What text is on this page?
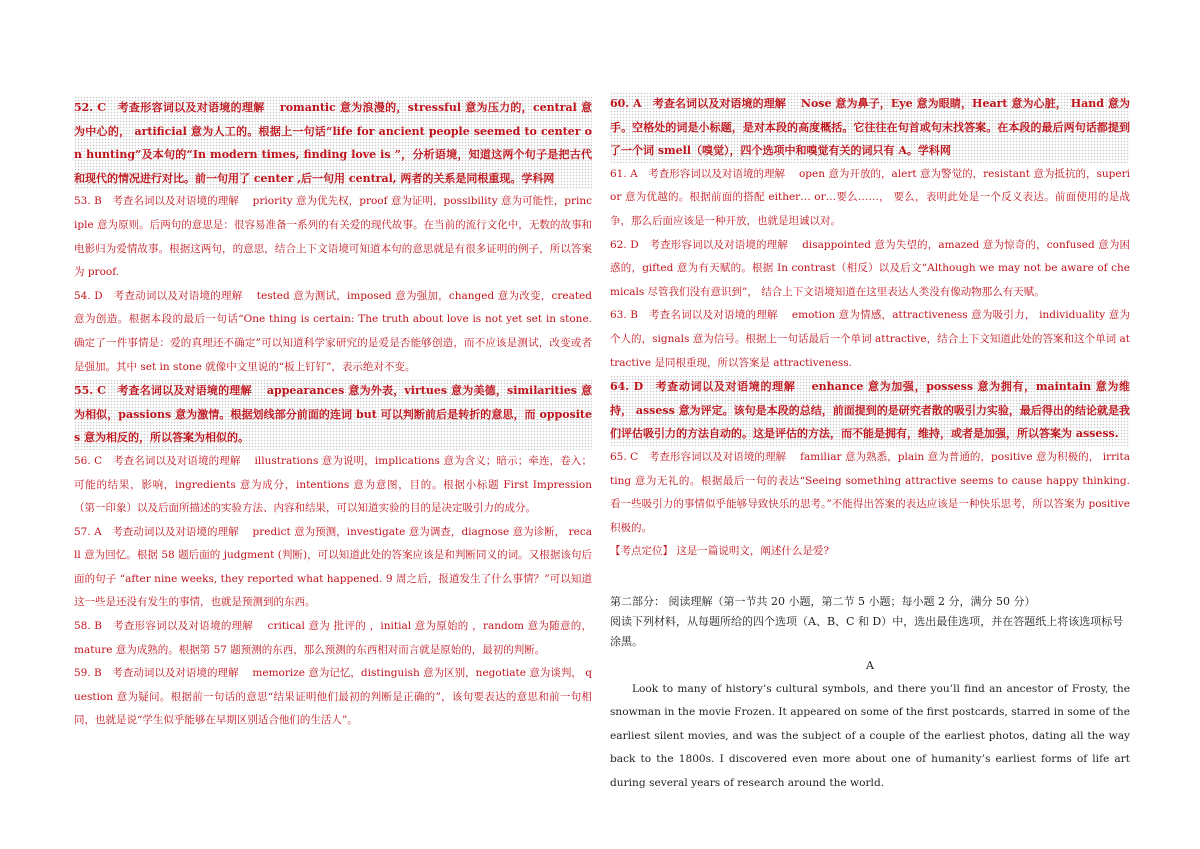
52. C　考查形容词以及对语境的理解　 romantic 意为浪漫的，stressful 意为压力的，central 意为中心的， artificial 意为人工的。根据上一句话“life for ancient people seemed to center on hunting”及本句的“In modern times, finding love is ”，分析语境，知道这两个句子是把古代和现代的情况进行对比。前一句用了 center ,后一句用 central, 两者的关系是同根重现。学科网

53. B　考查名词以及对语境的理解　 priority 意为优先权，proof 意为证明，possibility 意为可能性，principle 意为原则。后两句的意思是：很容易准备一系列的有关爱的现代故事。在当前的流行文化中，无数的故事和电影归为爱情故事。根据这两句，的意思，结合上下文语境可知道本句的意思就是有很多证明的例子，所以答案为 proof.

54. D　考查动词以及对语境的理解　 tested 意为测试，imposed 意为强加，changed 意为改变，created 意为创造。根据本段的最后一句话“One thing is certain: The truth about love is not yet set in stone. 确定了一件事情是：爱的真理还不确定”可以知道科学家研究的是爱是否能够创造，而不应该是测试，改变或者是强加。其中 set in stone 就像中文里说的“板上钉钉”，表示绝对不变。

55. C　考查名词以及对语境的理解　 appearances 意为外表，virtues 意为美德，similarities 意为相似，passions 意为激情。根据划线部分前面的连词 but 可以判断前后是转折的意思，而 opposites 意为相反的，所以答案为相似的。

56. C　考查名词以及对语境的理解　 illustrations 意为说明，implications 意为含义；暗示；牵连，卷入；可能的结果，影响，ingredients 意为成分，intentions 意为意图，目的。根据小标题 First Impression （第一印象）以及后面所描述的实验方法、内容和结果，可以知道实验的目的是决定吸引力的成分。

57. A　考查动词以及对语境的理解　 predict 意为预测，investigate 意为调查，diagnose 意为诊断， recall 意为回忆。根据 58 题后面的 judgment (判断)，可以知道此处的答案应该是和判断同义的词。又根据该句后面的句子 “after nine weeks, they reported what happened. 9 周之后，报道发生了什么事情？”可以知道这一些是还没有发生的事情，也就是预测到的东西。

58. B　考查形容词以及对语境的理解　 critical 意为 批评的 ，initial 意为原始的 ，random 意为随意的， mature 意为成熟的。根据第 57 题预测的东西，那么预测的东西相对而言就是原始的，最初的判断。

59. B　考查动词以及对语境的理解　 memorize 意为记忆，distinguish 意为区别，negotiate 意为谈判， question 意为疑问。根据前一句话的意思“结果证明他们最初的判断是正确的”，该句要表达的意思和前一句相同，也就是说“学生似乎能够在早期区别适合他们的生活人”。

60. A　考查名词以及对语境的理解　 Nose 意为鼻子，Eye 意为眼睛，Heart 意为心脏， Hand 意为手。空格处的词是小标题，是对本段的高度概括。它往往在句首或句末找答案。在本段的最后两句话都提到了一个词 smell（嗅觉），四个选项中和嗅觉有关的词只有 A。学科网

61. A　考查形容词以及对语境的理解　 open 意为开放的，alert 意为警觉的，resistant 意为抵抗的，superior 意为优越的。根据前面的搭配 either… or…要么……， 要么，表明此处是一个反义表达。前面使用的是战争，那么后面应该是一种开放，也就是坦诚以对。

62. D　考查形容词以及对语境的理解　 disappointed 意为失望的，amazed 意为惊奇的，confused 意为困惑的，gifted 意为有天赋的。根据 In contrast（相反）以及后文“Although we may not be aware of chemicals 尽管我们没有意识到”， 结合上下文语境知道在这里表达人类没有像动物那么有天赋。

63. B　考查名词以及对语境的理解　 emotion 意为情感，attractiveness 意为吸引力， individuality 意为个人的，signals 意为信号。根据上一句话最后一个单词 attractive，结合上下文知道此处的答案和这个单词 attractive 是同根重现，所以答案是 attractiveness.

64. D　考查动词以及对语境的理解　 enhance 意为加强，possess 意为拥有，maintain 意为维持， assess 意为评定。该句是本段的总结，前面提到的是研究者散的吸引力实验，最后得出的结论就是我们评估吸引力的方法自动的。这是评估的方法，而不能是拥有，维持，或者是加强，所以答案为 assess.

65. C　考查形容词以及对语境的理解　 familiar 意为熟悉，plain 意为普通的，positive 意为积极的， irritating 意为无礼的。根据最后一句的表达“Seeing something attractive seems to cause happy thinking. 看一些吸引力的事情似乎能够导致快乐的思考。”不能得出答案的表达应该是一种快乐思考，所以答案为 positive 积极的。

【考点定位】 这是一篇说明文，阐述什么是爱?

第二部分： 阅读理解（第一节共 20 小题，第二节 5 小题；每小题 2 分，满分 50 分）
阅读下列材料，从每题所给的四个选项（A、B、C 和 D）中，选出最佳选项，并在答题纸上将该选项标号涂黑。
A

Look to many of history’s cultural symbols, and there you’ll find an ancestor of Frosty, the snowman in the movie Frozen. It appeared on some of the first postcards, starred in some of the earliest silent movies, and was the subject of a couple of the earliest photos, dating all the way back to the 1800s. I discovered even more about one of humanity’s earliest forms of life art during several years of research around the world.
